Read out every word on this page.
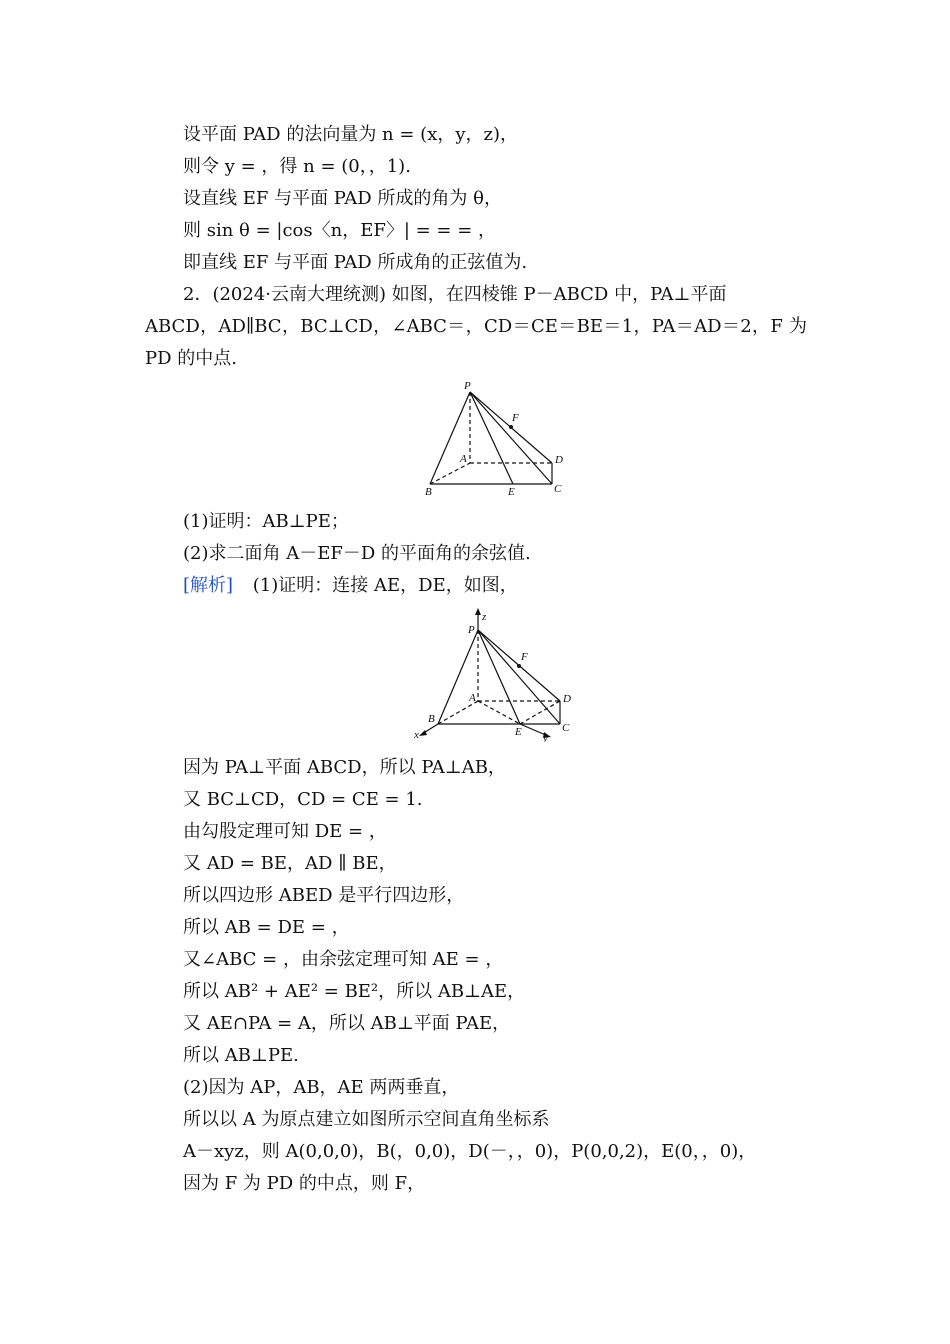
设平面 PAD 的法向量为 n = (x，y，z)，
则令 y = ，得 n = (0，，1).
设直线 EF 与平面 PAD 所成的角为 θ，
则 sin θ = |cos〈n，EF〉| = = = ，
即直线 EF 与平面 PAD 所成角的正弦值为.
2．(2024·云南大理统测) 如图，在四棱锥 P－ABCD 中，PA⊥平面
ABCD，AD∥BC，BC⊥CD，∠ABC＝，CD＝CE＝BE＝1，PA＝AD＝2，F 为
PD 的中点.
P
F
A	D
B	E	C
(1)证明：AB⊥PE；
(2)求二面角 A－EF－D 的平面角的余弦值.
[解析] (1)证明：连接 AE，DE，如图，
P
z
F
A	D
B
E	C
x	y
因为 PA⊥平面 ABCD，所以 PA⊥AB，
又 BC⊥CD，CD = CE = 1.
由勾股定理可知 DE = ，
又 AD = BE，AD ∥ BE，
所以四边形 ABED 是平行四边形，
所以 AB = DE = ，
又∠ABC = ，由余弦定理可知 AE = ，
所以 AB² + AE² = BE²，所以 AB⊥AE，
又 AE∩PA = A，所以 AB⊥平面 PAE，
所以 AB⊥PE.
(2)因为 AP，AB，AE 两两垂直，
所以以 A 为原点建立如图所示空间直角坐标系
A－xyz，则 A(0,0,0)，B(，0,0)，D(－，，0)，P(0,0,2)，E(0，，0)，
因为 F 为 PD 的中点，则 F，
